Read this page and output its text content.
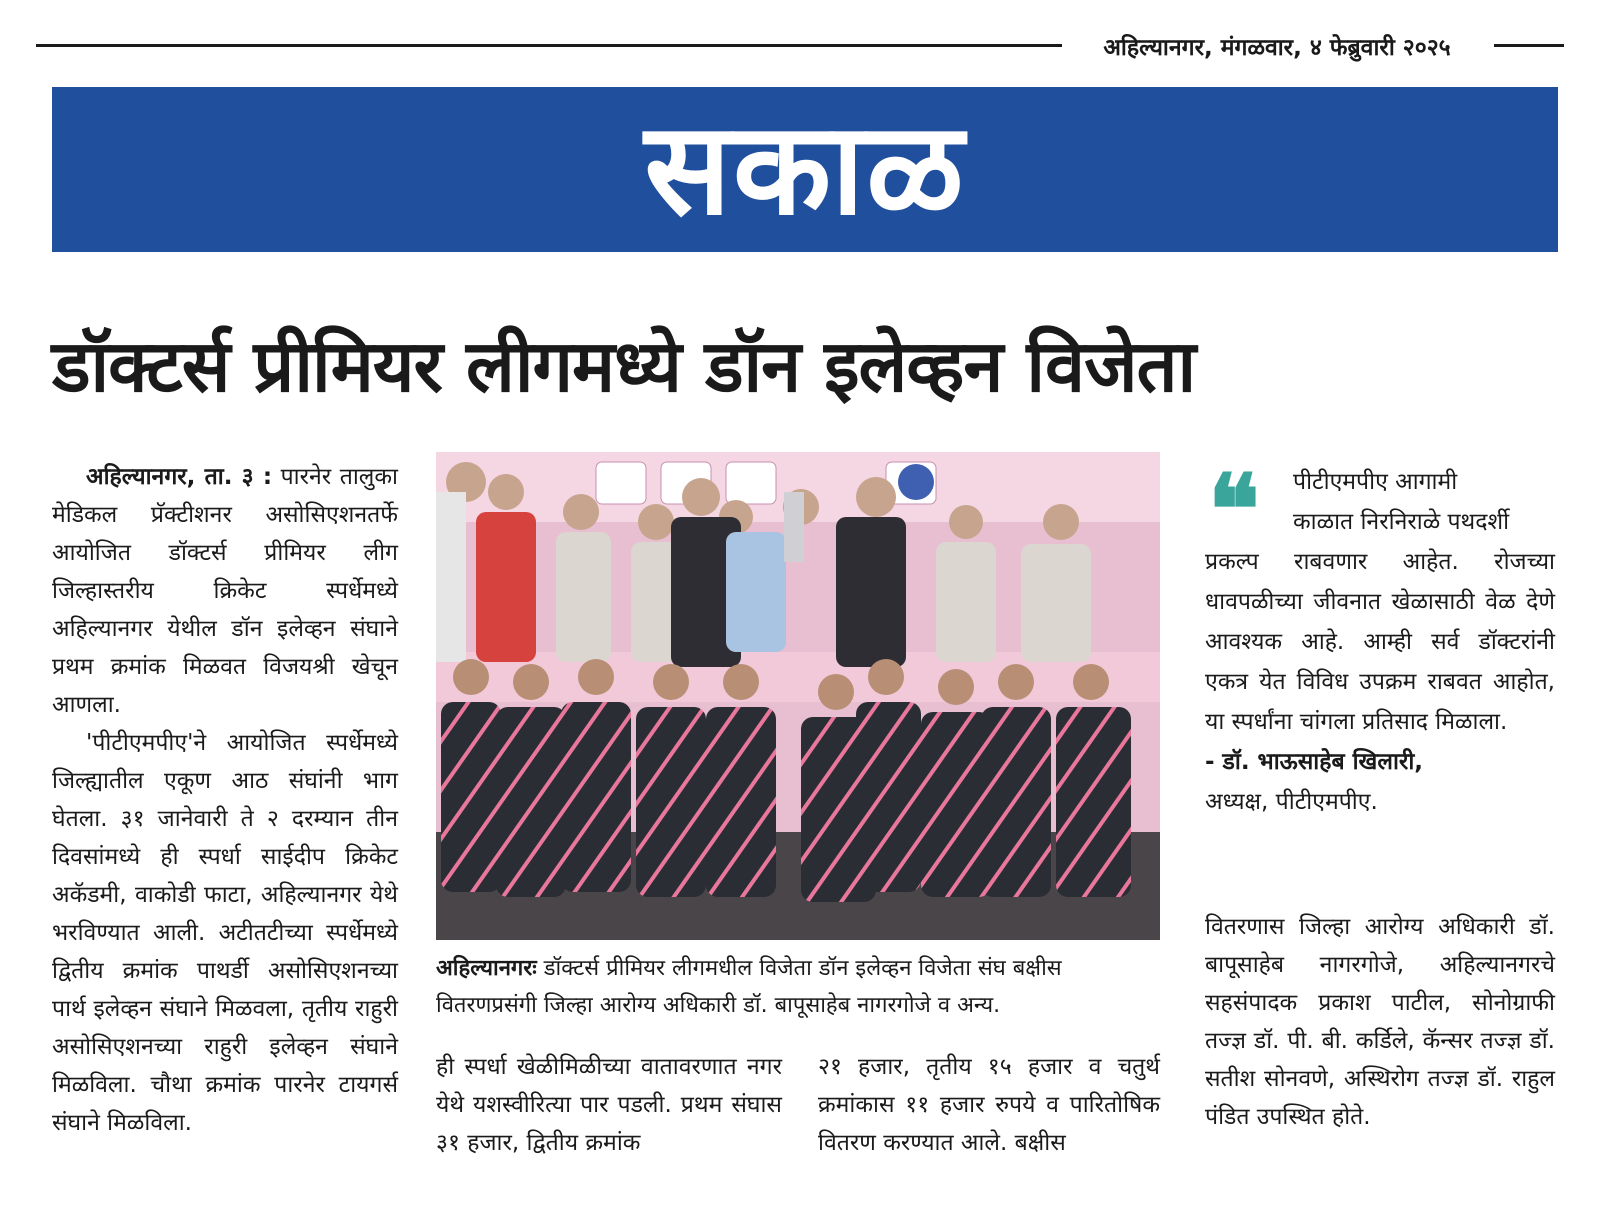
अहिल्यानगर, मंगळवार, ४ फेब्रुवारी २०२५
सकाळ
डॉक्टर्स प्रीमियर लीगमध्ये डॉन इलेव्हन विजेता

अहिल्यानगर, ता. ३ : पारनेर तालुका मेडिकल प्रॅक्टीशनर असोसिएशनतर्फे आयोजित डॉक्टर्स प्रीमियर लीग जिल्हास्तरीय क्रिकेट स्पर्धेमध्ये अहिल्यानगर येथील डॉन इलेव्हन संघाने प्रथम क्रमांक मिळवत विजयश्री खेचून आणला.

'पीटीएमपीए'ने आयोजित स्पर्धेमध्ये जिल्ह्यातील एकूण आठ संघांनी भाग घेतला. ३१ जानेवारी ते २ दरम्यान तीन दिवसांमध्ये ही स्पर्धा साईदीप क्रिकेट अकॅडमी, वाकोडी फाटा, अहिल्यानगर येथे भरविण्यात आली. अटीतटीच्या स्पर्धेमध्ये द्वितीय क्रमांक पाथर्डी असोसिएशनच्या पार्थ इलेव्हन संघाने मिळवला, तृतीय राहुरी असोसिएशनच्या राहुरी इलेव्हन संघाने मिळविला. चौथा क्रमांक पारनेर टायगर्स संघाने मिळविला.

अहिल्यानगरः डॉक्टर्स प्रीमियर लीगमधील विजेता डॉन इलेव्हन विजेता संघ बक्षीस वितरणप्रसंगी जिल्हा आरोग्य अधिकारी डॉ. बापूसाहेब नागरगोजे व अन्य.

ही स्पर्धा खेळीमिळीच्या वातावरणात नगर येथे यशस्वीरित्या पार पडली. प्रथम संघास ३१ हजार, द्वितीय क्रमांक

२१ हजार, तृतीय १५ हजार व चतुर्थ क्रमांकास ११ हजार रुपये व पारितोषिक वितरण करण्यात आले. बक्षीस

❝	पीटीएमपीए आगामी
काळात निरनिराळे पथदर्शी
प्रकल्प राबवणार आहेत. रोजच्या धावपळीच्या जीवनात खेळासाठी वेळ देणे आवश्यक आहे. आम्ही सर्व डॉक्टरांनी एकत्र येत विविध उपक्रम राबवत आहोत, या स्पर्धांना चांगला प्रतिसाद मिळाला.
- डॉ. भाऊसाहेब खिलारी,
अध्यक्ष, पीटीएमपीए.

वितरणास जिल्हा आरोग्य अधिकारी डॉ. बापूसाहेब नागरगोजे, अहिल्यानगरचे सहसंपादक प्रकाश पाटील, सोनोग्राफी तज्ज्ञ डॉ. पी. बी. कर्डिले, कॅन्सर तज्ज्ञ डॉ. सतीश सोनवणे, अस्थिरोग तज्ज्ञ डॉ. राहुल पंडित उपस्थित होते.
